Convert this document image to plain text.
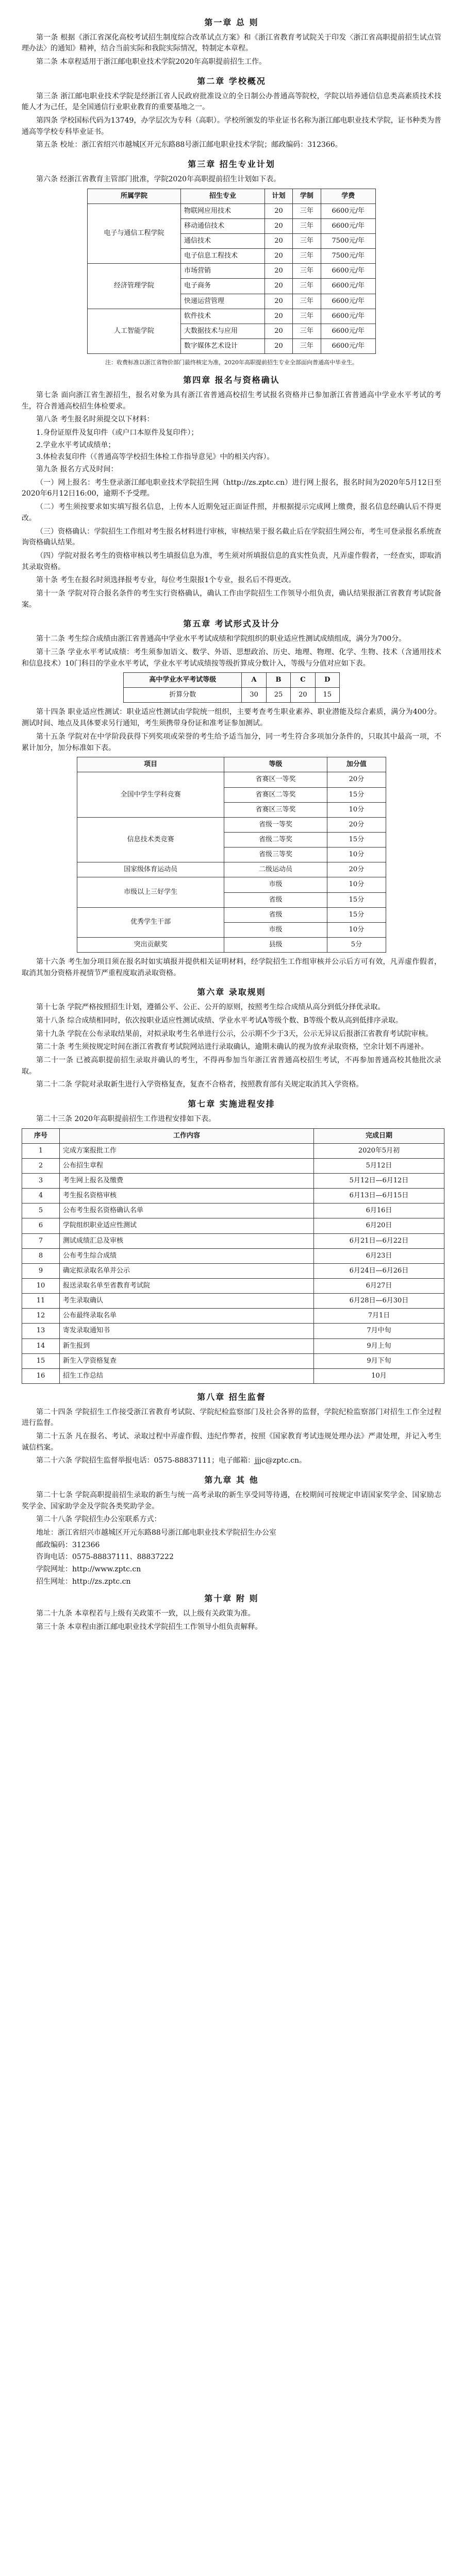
第一章 总 则

第一条 根据《浙江省深化高校考试招生制度综合改革试点方案》和《浙江省教育考试院关于印发〈浙江省高职提前招生试点管理办法〉的通知》精神，结合当前实际和我院实际情况，特制定本章程。

第二条 本章程适用于浙江邮电职业技术学院2020年高职提前招生工作。

第二章 学校概况

第三条 浙江邮电职业技术学院是经浙江省人民政府批准设立的全日制公办普通高等院校，学院以培养通信信息类高素质技术技能人才为己任，是全国通信行业职业教育的重要基地之一。

第四条 学校国标代码为13749，办学层次为专科（高职）。学校所颁发的毕业证书名称为浙江邮电职业技术学院，证书种类为普通高等学校专科毕业证书。

第五条 校址：浙江省绍兴市越城区开元东路88号浙江邮电职业技术学院；邮政编码：312366。

第三章 招生专业计划

第六条 经浙江省教育主管部门批准，学院2020年高职提前招生计划如下表。

所属学院	招生专业	计划	学制	学费
电子与通信工程学院	物联网应用技术	20	三年	6600元/年
	移动通信技术	20	三年	6600元/年
	通信技术	20	三年	7500元/年
	电子信息工程技术	20	三年	7500元/年
经济管理学院	市场营销	20	三年	6600元/年
	电子商务	20	三年	6600元/年
	快递运营管理	20	三年	6600元/年
人工智能学院	软件技术	20	三年	6600元/年
	大数据技术与应用	20	三年	6600元/年
	数字媒体艺术设计	20	三年	6600元/年
注：收费标准以浙江省物价部门最终核定为准，2020年高职提前招生专业全部面向普通高中毕业生。
第四章 报名与资格确认

第七条 面向浙江省生源招生，报名对象为具有浙江省普通高校招生考试报名资格并已参加浙江省普通高中学业水平考试的考生，符合普通高校招生体检要求。

第八条 考生报名时须提交以下材料：

1.身份证原件及复印件（或户口本原件及复印件）；

2.学业水平考试成绩单；

3.体检表复印件（《普通高等学校招生体检工作指导意见》中的相关内容）。

第九条 报名方式及时间：

（一）网上报名：考生登录浙江邮电职业技术学院招生网（http://zs.zptc.cn）进行网上报名，报名时间为2020年5月12日至2020年6月12日16:00，逾期不予受理。

（二）考生须按要求如实填写报名信息，上传本人近期免冠正面证件照，并根据提示完成网上缴费，报名信息经确认后不得更改。

（三）资格确认：学院招生工作组对考生报名材料进行审核，审核结果于报名截止后在学院招生网公布，考生可登录报名系统查询资格确认结果。

（四）学院对报名考生的资格审核以考生填报信息为准，考生须对所填报信息的真实性负责，凡弄虚作假者，一经查实，即取消其录取资格。

第十条 考生在报名时须选择报考专业，每位考生限报1个专业，报名后不得更改。

第十一条 学院对符合报名条件的考生实行资格确认，确认工作由学院招生工作领导小组负责，确认结果报浙江省教育考试院备案。

第五章 考试形式及计分

第十二条 考生综合成绩由浙江省普通高中学业水平考试成绩和学院组织的职业适应性测试成绩组成，满分为700分。

第十三条 学业水平考试成绩：考生须参加语文、数学、外语、思想政治、历史、地理、物理、化学、生物、技术（含通用技术和信息技术）10门科目的学业水平考试，学业水平考试成绩按等级折算成分数计入，等级与分值对应如下表。

高中学业水平考试等级	A	B	C	D
折算分数	30	25	20	15

第十四条 职业适应性测试：职业适应性测试由学院统一组织，主要考查考生职业素养、职业潜能及综合素质，满分为400分。测试时间、地点及具体要求另行通知，考生须携带身份证和准考证参加测试。

第十五条 学院对在中学阶段获得下列奖项或荣誉的考生给予适当加分，同一考生符合多项加分条件的，只取其中最高一项，不累计加分，加分标准如下表。

项目	等级	加分值
全国中学生学科竞赛	省赛区一等奖	20分
	省赛区二等奖	15分
	省赛区三等奖	10分
信息技术类竞赛	省级一等奖	20分
	省级二等奖	15分
	省级三等奖	10分
国家级体育运动员	二级运动员	20分
市级以上三好学生	市级	10分
	省级	15分
优秀学生干部	省级	15分
	市级	10分
突出贡献奖	县级	5分

第十六条 考生加分项目须在报名时如实填报并提供相关证明材料，经学院招生工作组审核并公示后方可有效，凡弄虚作假者，取消其加分资格并视情节严重程度取消录取资格。

第六章 录取规则

第十七条 学院严格按照招生计划，遵循公平、公正、公开的原则，按照考生综合成绩从高分到低分择优录取。

第十八条 综合成绩相同时，依次按职业适应性测试成绩、学业水平考试A等级个数、B等级个数从高到低排序录取。

第十九条 学院在公布录取结果前，对拟录取考生名单进行公示，公示期不少于3天，公示无异议后报浙江省教育考试院审核。

第二十条 考生须按规定时间在浙江省教育考试院网站进行录取确认，逾期未确认的视为放弃录取资格，空余计划不再递补。

第二十一条 已被高职提前招生录取并确认的考生，不得再参加当年浙江省普通高校招生考试，不再参加普通高校其他批次录取。

第二十二条 学院对录取新生进行入学资格复查，复查不合格者，按照教育部有关规定取消其入学资格。

第七章 实施进程安排

第二十三条 2020年高职提前招生工作进程安排如下表。

序号	工作内容	完成日期
1	完成方案报批工作	2020年5月初
2	公布招生章程	5月12日
3	考生网上报名及缴费	5月12日—6月12日
4	考生报名资格审核	6月13日—6月15日
5	公布考生报名资格确认名单	6月16日
6	学院组织职业适应性测试	6月20日
7	测试成绩汇总及审核	6月21日—6月22日
8	公布考生综合成绩	6月23日
9	确定拟录取名单并公示	6月24日—6月26日
10	报送录取名单至省教育考试院	6月27日
11	考生录取确认	6月28日—6月30日
12	公布最终录取名单	7月1日
13	寄发录取通知书	7月中旬
14	新生报到	9月上旬
15	新生入学资格复查	9月下旬
16	招生工作总结	10月
第八章 招生监督

第二十四条 学院招生工作接受浙江省教育考试院、学院纪检监察部门及社会各界的监督，学院纪检监察部门对招生工作全过程进行监督。

第二十五条 凡在报名、考试、录取过程中弄虚作假、违纪作弊者，按照《国家教育考试违规处理办法》严肃处理，并记入考生诚信档案。

第二十六条 学院招生监督举报电话：0575-88837111；电子邮箱：jjjc@zptc.cn。

第九章 其 他

第二十七条 学院高职提前招生录取的新生与统一高考录取的新生享受同等待遇，在校期间可按规定申请国家奖学金、国家励志奖学金、国家助学金及学院各类奖助学金。

第二十八条 学院招生办公室联系方式：

地址：浙江省绍兴市越城区开元东路88号浙江邮电职业技术学院招生办公室

邮政编码：312366

咨询电话：0575-88837111、88837222

学院网址：http://www.zptc.cn

招生网址：http://zs.zptc.cn

第十章 附 则

第二十九条 本章程若与上级有关政策不一致，以上级有关政策为准。

第三十条 本章程由浙江邮电职业技术学院招生工作领导小组负责解释。
